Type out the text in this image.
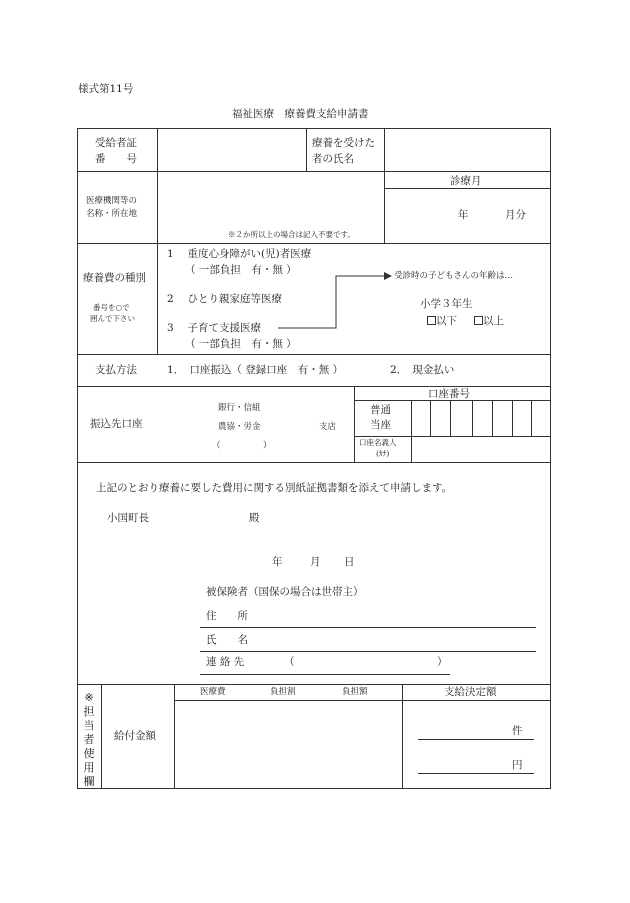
様式第11号
福祉医療　療養費支給申請書
受給者証
番　　号
療養を受けた
者の氏名
医療機関等の
名称・所在地
※２か所以上の場合は記入不要です。
診療月
年	月分
療養費の種別
番号を○で
囲んで下さい
1　 重度心身障がい(児)者医療
（ 一部負担　有・無 ）
2　 ひとり親家庭等医療
3　 子育て支援医療
（ 一部負担　有・無 ）
受診時の子どもさんの年齢は…
小学３年生
以下	以上
支払方法	1．　口座振込（ 登録口座　有・無 ）	2．　現金払い
振込先口座
銀行・信組
農協・労金	支店
（　　　　　）
口座番号
普通
当座
口座名義人
(ｶﾅ)
上記のとおり療養に要した費用に関する別紙証拠書類を添えて申請します。
小国町長	殿
年	月 日
被保険者（国保の場合は世帯主）
住　　所
氏　　名
連 絡 先	（	）
※
担
当
者
使
用
欄
給付金額
医療費	負担割	負担額	支給決定額
件
円
